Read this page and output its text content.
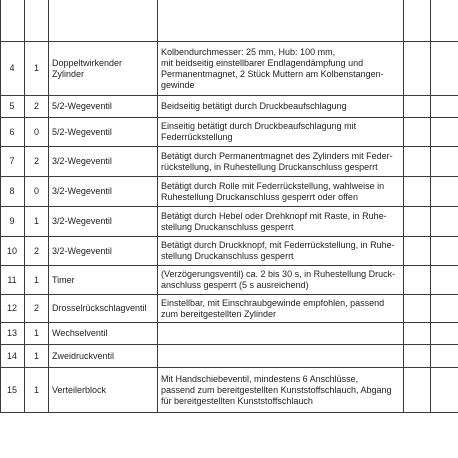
4	1
Doppeltwirkender
Zylinder
Kolbendurchmesser: 25 mm, Hub: 100 mm,
mit beidseitig einstellbarer Endlagendämpfung und
Permanentmagnet, 2 Stück Muttern am Kolbenstangen-
gewinde
5	2	5/2-Wegeventil	Beidseitig betätigt durch Druckbeaufschlagung
6	0	5/2-Wegeventil
Einseitig betätigt durch Druckbeaufschlagung mit
Federrückstellung
7	2	3/2-Wegeventil
Betätigt durch Permanentmagnet des Zylinders mit Feder-
rückstellung, in Ruhestellung Druckanschluss gesperrt
8	0	3/2-Wegeventil
Betätigt durch Rolle mit Federrückstellung, wahlweise in
Ruhestellung Druckanschluss gesperrt oder offen
9	1	3/2-Wegeventil
Betätigt durch Hebel oder Drehknopf mit Raste, in Ruhe-
stellung Druckanschluss gesperrt
10	2	3/2-Wegeventil
Betätigt durch Druckknopf, mit Federrückstellung, in Ruhe-
stellung Druckanschluss gesperrt
11	1	Timer
(Verzögerungsventil) ca. 2 bis 30 s, in Ruhestellung Druck-
anschluss gesperrt (5 s ausreichend)
12	2	Drosselrückschlagventil
Einstellbar, mit Einschraubgewinde empfohlen, passend
zum bereitgestellten Zylinder
13	1	Wechselventil
14	1	Zweidruckventil
15	1	Verteilerblock
Mit Handschiebeventil, mindestens 6 Anschlüsse,
passend zum bereitgestellten Kunststoffschlauch, Abgang
für bereitgestellten Kunststoffschlauch
